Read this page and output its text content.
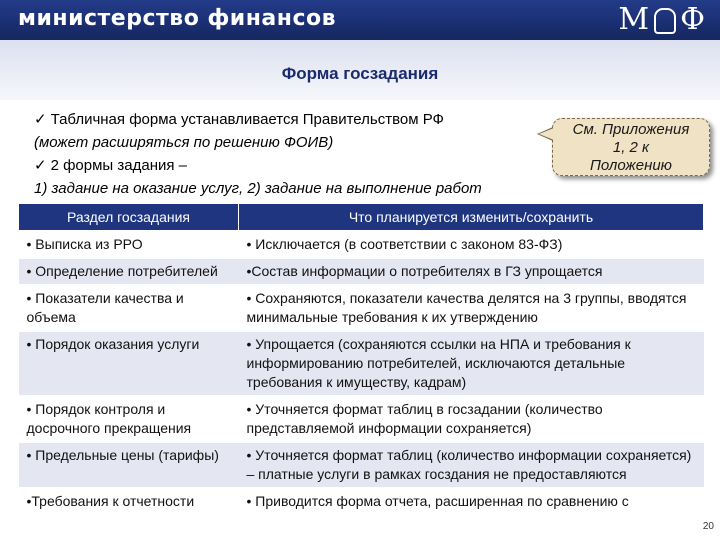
министерство финансов	М Ф
Форма госзадания
✓ Табличная форма устанавливается Правительством РФ
(может расширяться по решению ФОИВ)
✓ 2 формы задания –
1) задание на оказание услуг, 2) задание на выполнение работ
См. Приложения
1, 2 к
Положению
Раздел госзадания	Что планируется изменить/сохранить
• Выписка из РРО	• Исключается (в соответствии с законом 83-ФЗ)
• Определение потребителей	•Состав информации о потребителях в ГЗ упрощается
• Показатели качества и объема	• Сохраняются, показатели качества делятся на 3 группы, вводятся минимальные требования к их утверждению
• Порядок оказания услуги	• Упрощается (сохраняются ссылки на НПА и требования к информированию потребителей, исключаются детальные требования к имуществу, кадрам)
• Порядок контроля и досрочного прекращения	• Уточняется формат таблиц в госзадании (количество представляемой информации сохраняется)
• Предельные цены (тарифы)	• Уточняется формат таблиц (количество информации сохраняется) – платные услуги в рамках госздания не предоставляются
•Требования к отчетности	• Приводится форма отчета, расширенная по сравнению с
20
